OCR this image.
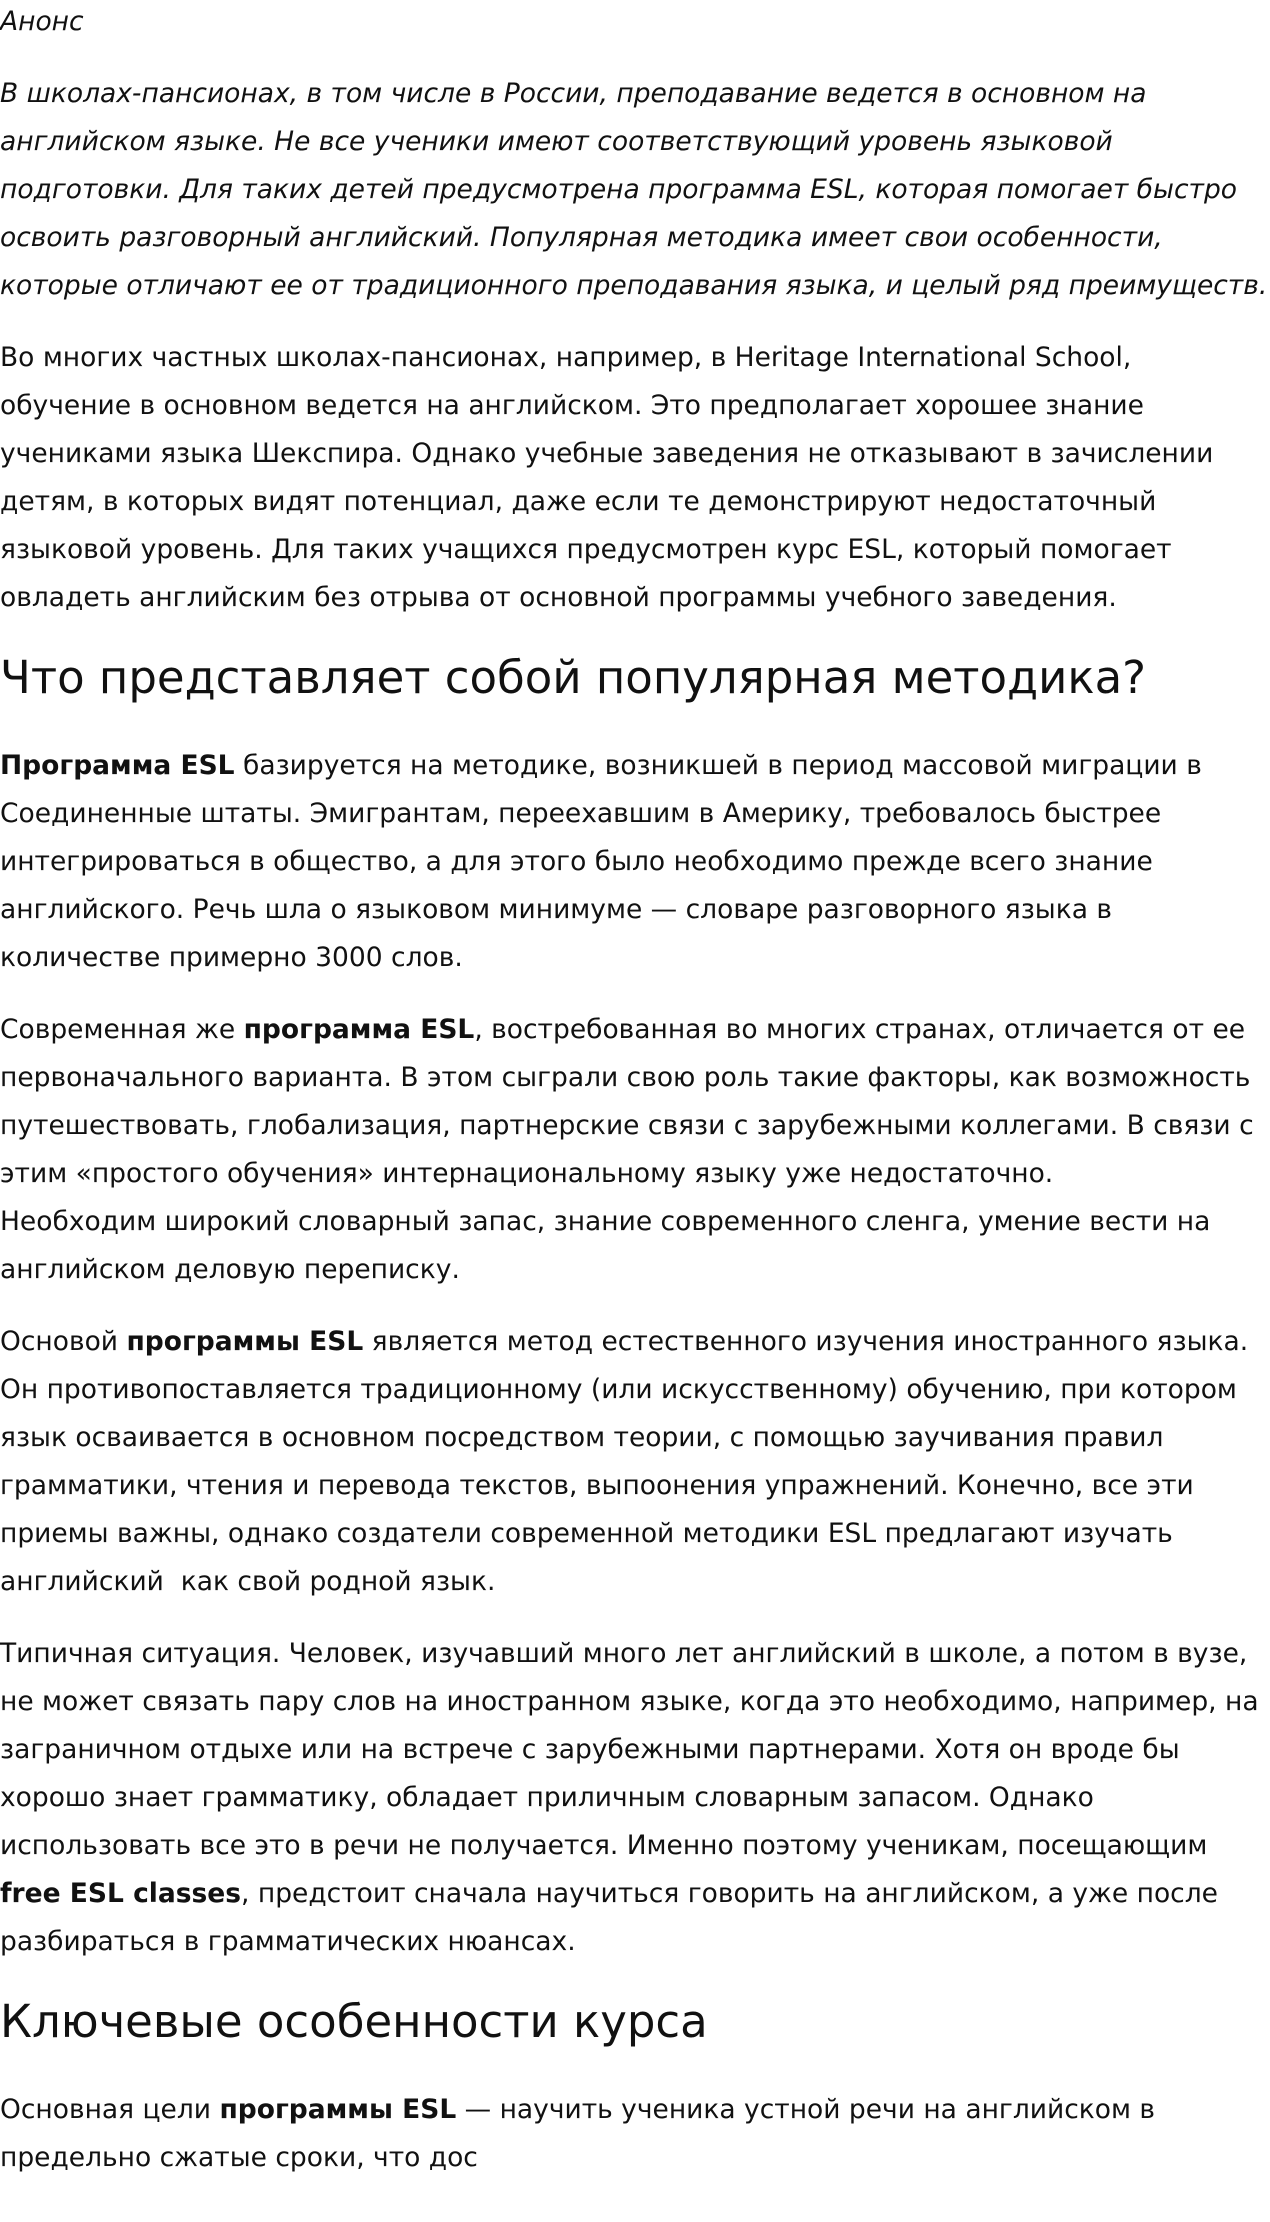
Анонс

В школах-пансионах, в том числе в России, преподавание ведется в основном на английском языке. Не все ученики имеют соответствующий уровень языковой подготовки. Для таких детей предусмотрена программа ESL, которая помогает быстро освоить разговорный английский. Популярная методика имеет свои особенности, которые отличают ее от традиционного преподавания языка, и целый ряд преимуществ.

Во многих частных школах-пансионах, например, в Heritage International School, обучение в основном ведется на английском. Это предполагает хорошее знание учениками языка Шекспира. Однако учебные заведения не отказывают в зачислении детям, в которых видят потенциал, даже если те демонстрируют недостаточный языковой уровень. Для таких учащихся предусмотрен курс ESL, который помогает овладеть английским без отрыва от основной программы учебного заведения.

Что представляет собой популярная методика?

Программа ESL базируется на методике, возникшей в период массовой миграции в Соединенные штаты. Эмигрантам, переехавшим в Америку, требовалось быстрее интегрироваться в общество, а для этого было необходимо прежде всего знание английского. Речь шла о языковом минимуме — словаре разговорного языка в количестве примерно 3000 слов.

Современная же программа ESL, востребованная во многих странах, отличается от ее первоначального варианта. В этом сыграли свою роль такие факторы, как возможность путешествовать, глобализация, партнерские связи с зарубежными коллегами. В связи с этим «простого обучения» интернациональному языку уже недостаточно.
Необходим широкий словарный запас, знание современного сленга, умение вести на английском деловую переписку.

Основой программы ESL является метод естественного изучения иностранного языка. Он противопоставляется традиционному (или искусственному) обучению, при котором язык осваивается в основном посредством теории, с помощью заучивания правил грамматики, чтения и перевода текстов, выпоонения упражнений. Конечно, все эти приемы важны, однако создатели современной методики ESL предлагают изучать английский  как свой родной язык.

Типичная ситуация. Человек, изучавший много лет английский в школе, а потом в вузе, не может связать пару слов на иностранном языке, когда это необходимо, например, на заграничном отдыхе или на встрече с зарубежными партнерами. Хотя он вроде бы хорошо знает грамматику, обладает приличным словарным запасом. Однако использовать все это в речи не получается. Именно поэтому ученикам, посещающим free ESL classes, предстоит сначала научиться говорить на английском, а уже после  разбираться в грамматических нюансах.

Ключевые особенности курса

Основная цели программы ESL — научить ученика устной речи на английском в предельно сжатые сроки, что дос
